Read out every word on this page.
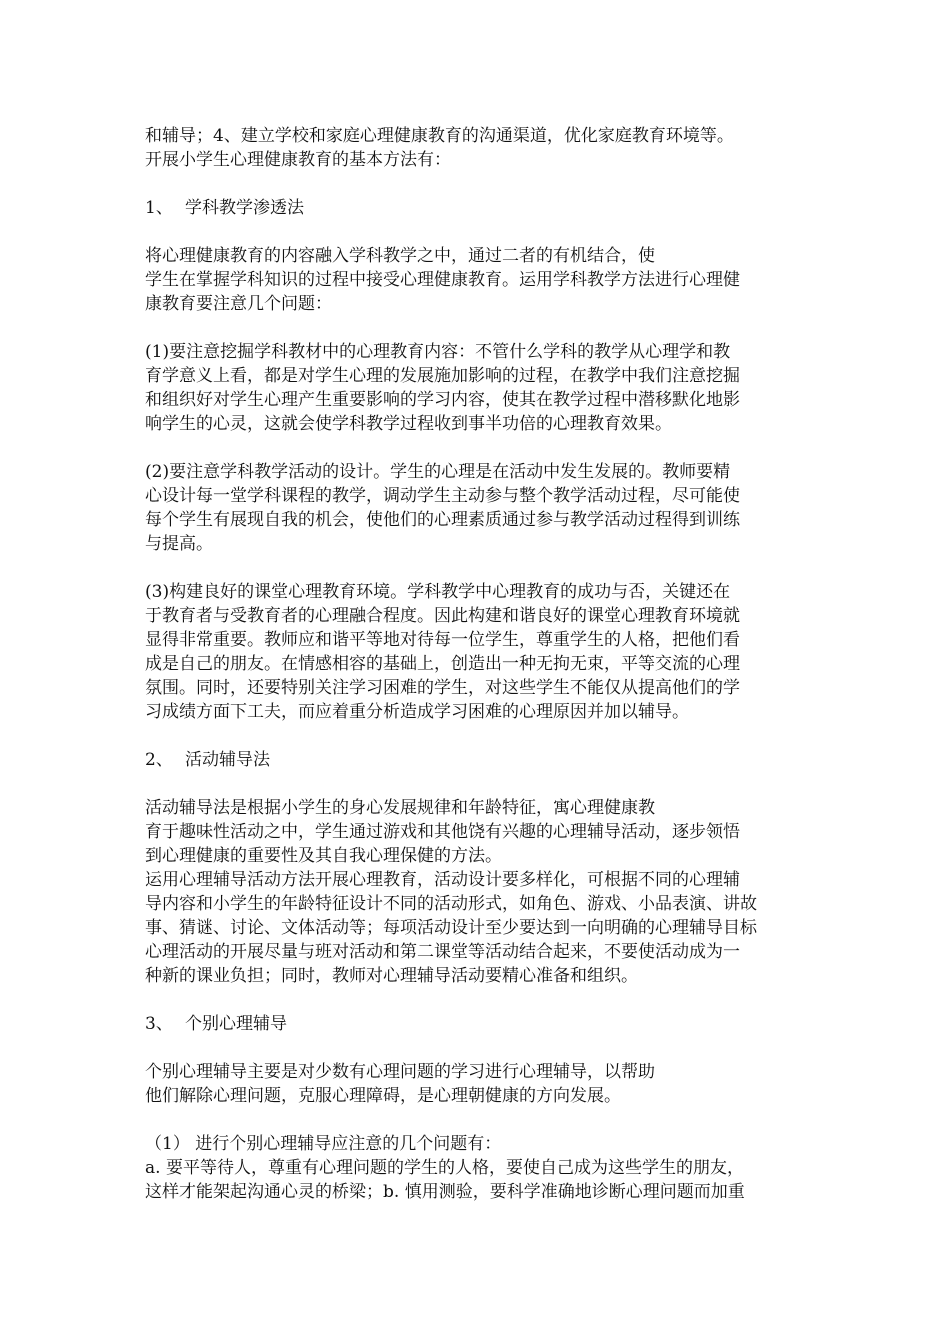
和辅导；4、建立学校和家庭心理健康教育的沟通渠道，优化家庭教育环境等。
开展小学生心理健康教育的基本方法有：
1、 学科教学渗透法
将心理健康教育的内容融入学科教学之中，通过二者的有机结合，使
学生在掌握学科知识的过程中接受心理健康教育。运用学科教学方法进行心理健
康教育要注意几个问题：
(1)要注意挖掘学科教材中的心理教育内容：不管什么学科的教学从心理学和教
育学意义上看，都是对学生心理的发展施加影响的过程，在教学中我们注意挖掘
和组织好对学生心理产生重要影响的学习内容，使其在教学过程中潜移默化地影
响学生的心灵，这就会使学科教学过程收到事半功倍的心理教育效果。
(2)要注意学科教学活动的设计。学生的心理是在活动中发生发展的。教师要精
心设计每一堂学科课程的教学，调动学生主动参与整个教学活动过程，尽可能使
每个学生有展现自我的机会，使他们的心理素质通过参与教学活动过程得到训练
与提高。
(3)构建良好的课堂心理教育环境。学科教学中心理教育的成功与否，关键还在
于教育者与受教育者的心理融合程度。因此构建和谐良好的课堂心理教育环境就
显得非常重要。教师应和谐平等地对待每一位学生，尊重学生的人格，把他们看
成是自己的朋友。在情感相容的基础上，创造出一种无拘无束，平等交流的心理
氛围。同时，还要特别关注学习困难的学生，对这些学生不能仅从提高他们的学
习成绩方面下工夫，而应着重分析造成学习困难的心理原因并加以辅导。
2、 活动辅导法
活动辅导法是根据小学生的身心发展规律和年龄特征，寓心理健康教
育于趣味性活动之中，学生通过游戏和其他饶有兴趣的心理辅导活动，逐步领悟
到心理健康的重要性及其自我心理保健的方法。
运用心理辅导活动方法开展心理教育，活动设计要多样化，可根据不同的心理辅
导内容和小学生的年龄特征设计不同的活动形式，如角色、游戏、小品表演、讲故
事、猜谜、讨论、文体活动等；每项活动设计至少要达到一向明确的心理辅导目标
心理活动的开展尽量与班对活动和第二课堂等活动结合起来，不要使活动成为一
种新的课业负担；同时，教师对心理辅导活动要精心准备和组织。
3、 个别心理辅导
个别心理辅导主要是对少数有心理问题的学习进行心理辅导，以帮助
他们解除心理问题，克服心理障碍，是心理朝健康的方向发展。
（1） 进行个别心理辅导应注意的几个问题有：
a. 要平等待人，尊重有心理问题的学生的人格，要使自己成为这些学生的朋友，
这样才能架起沟通心灵的桥梁；b. 慎用测验，要科学准确地诊断心理问题而加重
